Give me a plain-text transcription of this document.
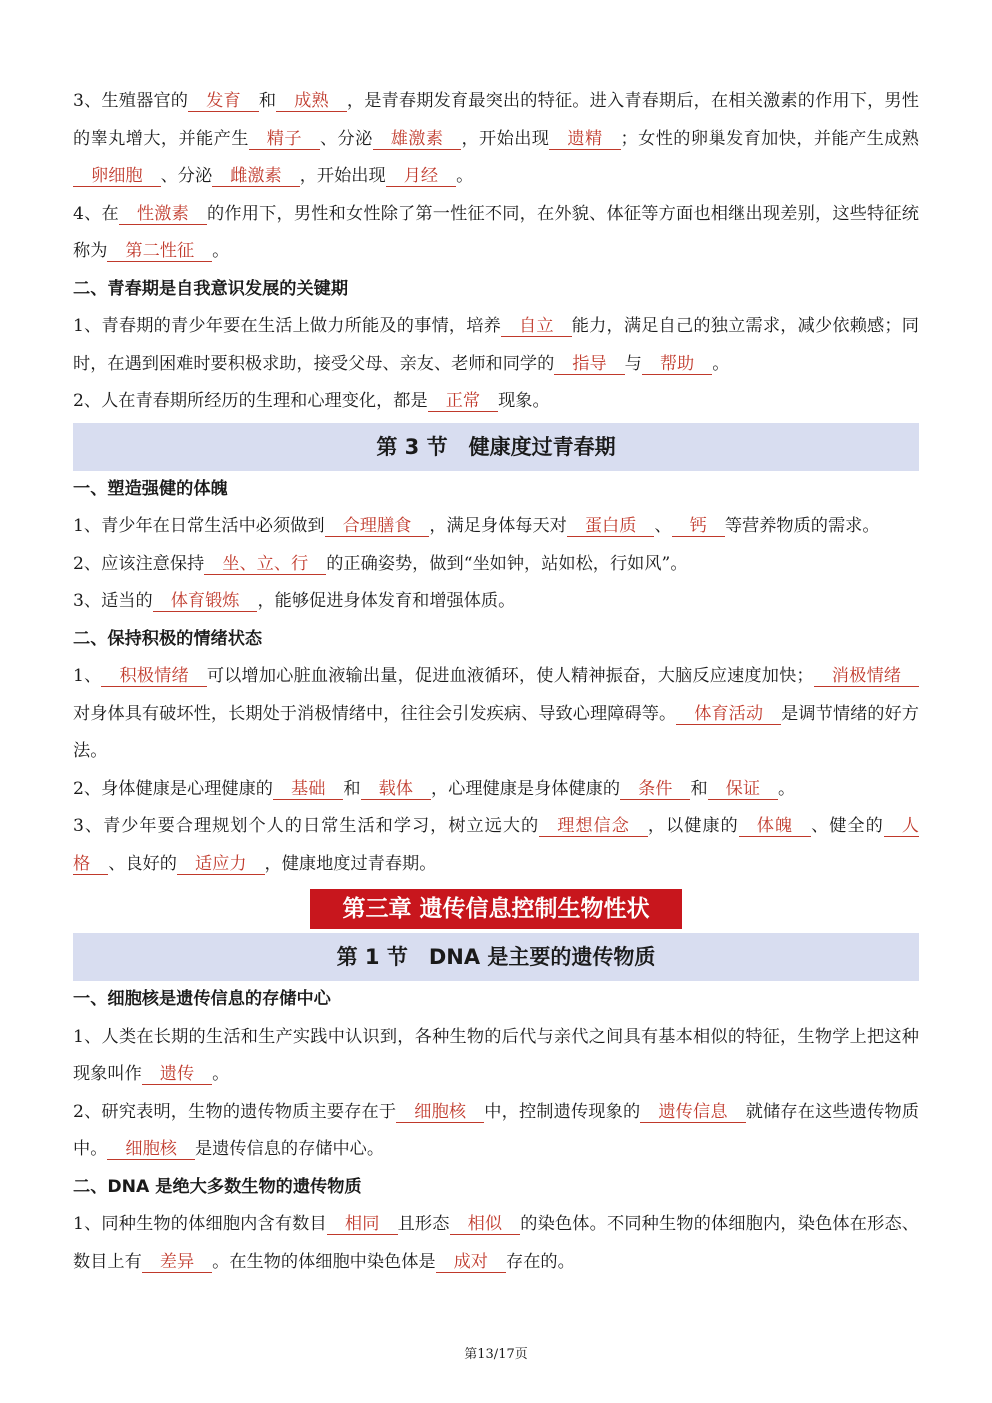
3、生殖器官的 发育 和 成熟 ，是青春期发育最突出的特征。进入青春期后，在相关激素的作用下，男性的睾丸增大，并能产生 精子 、分泌 雄激素 ，开始出现 遗精 ；女性的卵巢发育加快，并能产生成熟卵细胞 、分泌 雌激素 ，开始出现 月经 。

4、在 性激素 的作用下，男性和女性除了第一性征不同，在外貌、体征等方面也相继出现差别，这些特征统称为 第二性征 。

二、青春期是自我意识发展的关键期

1、青春期的青少年要在生活上做力所能及的事情，培养 自立 能力，满足自己的独立需求，减少依赖感；同时，在遇到困难时要积极求助，接受父母、亲友、老师和同学的 指导 与 帮助 。

2、人在青春期所经历的生理和心理变化，都是 正常 现象。

第 3 节　健康度过青春期
一、塑造强健的体魄

1、青少年在日常生活中必须做到 合理膳食 ，满足身体每天对 蛋白质 、 钙 等营养物质的需求。

2、应该注意保持 坐、立、行 的正确姿势，做到“坐如钟，站如松，行如风”。

3、适当的 体育锻炼 ，能够促进身体发育和增强体质。

二、保持积极的情绪状态

1、 积极情绪 可以增加心脏血液输出量，促进血液循环，使人精神振奋，大脑反应速度加快； 消极情绪对身体具有破坏性，长期处于消极情绪中，往往会引发疾病、导致心理障碍等。 体育活动 是调节情绪的好方法。

2、身体健康是心理健康的 基础 和 载体 ，心理健康是身体健康的 条件 和 保证 。

3、青少年要合理规划个人的日常生活和学习，树立远大的 理想信念 ，以健康的 体魄 、健全的 人格 、良好的 适应力 ，健康地度过青春期。

第三章 遗传信息控制生物性状
第 1 节　DNA 是主要的遗传物质
一、细胞核是遗传信息的存储中心

1、人类在长期的生活和生产实践中认识到，各种生物的后代与亲代之间具有基本相似的特征，生物学上把这种现象叫作 遗传 。

2、研究表明，生物的遗传物质主要存在于 细胞核 中，控制遗传现象的 遗传信息 就储存在这些遗传物质中。 细胞核 是遗传信息的存储中心。

二、DNA 是绝大多数生物的遗传物质

1、同种生物的体细胞内含有数目 相同 且形态 相似 的染色体。不同种生物的体细胞内，染色体在形态、数目上有 差异 。在生物的体细胞中染色体是 成对 存在的。

第13/17页
